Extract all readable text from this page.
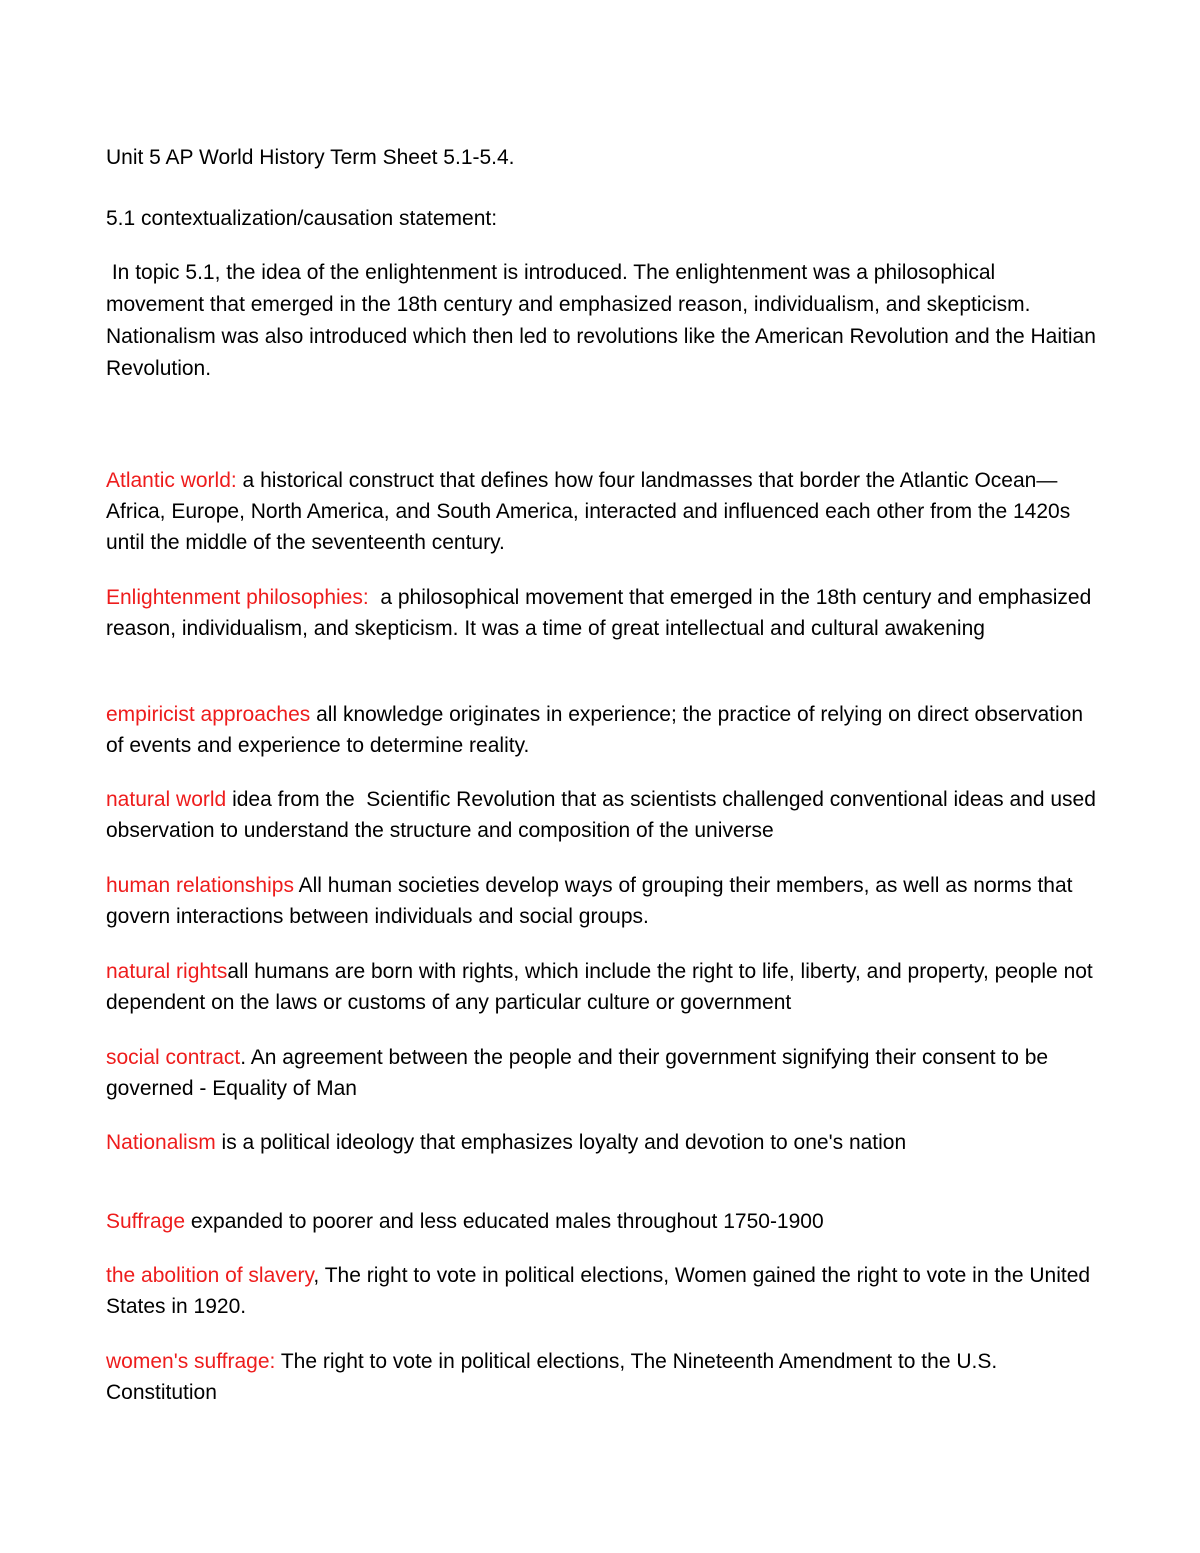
Unit 5 AP World History Term Sheet 5.1-5.4.
5.1 contextualization/causation statement:
In topic 5.1, the idea of the enlightenment is introduced. The enlightenment was a philosophical movement that emerged in the 18th century and emphasized reason, individualism, and skepticism. Nationalism was also introduced which then led to revolutions like the American Revolution and the Haitian Revolution.
Atlantic world: a historical construct that defines how four landmasses that border the Atlantic Ocean—Africa, Europe, North America, and South America, interacted and influenced each other from the 1420s until the middle of the seventeenth century.
Enlightenment philosophies:  a philosophical movement that emerged in the 18th century and emphasized reason, individualism, and skepticism. It was a time of great intellectual and cultural awakening
empiricist approaches all knowledge originates in experience; the practice of relying on direct observation of events and experience to determine reality.
natural world idea from the  Scientific Revolution that as scientists challenged conventional ideas and used observation to understand the structure and composition of the universe
human relationships All human societies develop ways of grouping their members, as well as norms that govern interactions between individuals and social groups.
natural rightsall humans are born with rights, which include the right to life, liberty, and property, people not dependent on the laws or customs of any particular culture or government
social contract. An agreement between the people and their government signifying their consent to be governed - Equality of Man
Nationalism is a political ideology that emphasizes loyalty and devotion to one's nation
Suffrage expanded to poorer and less educated males throughout 1750-1900
the abolition of slavery, The right to vote in political elections, Women gained the right to vote in the United States in 1920.
women's suffrage: The right to vote in political elections, The Nineteenth Amendment to the U.S. Constitution
